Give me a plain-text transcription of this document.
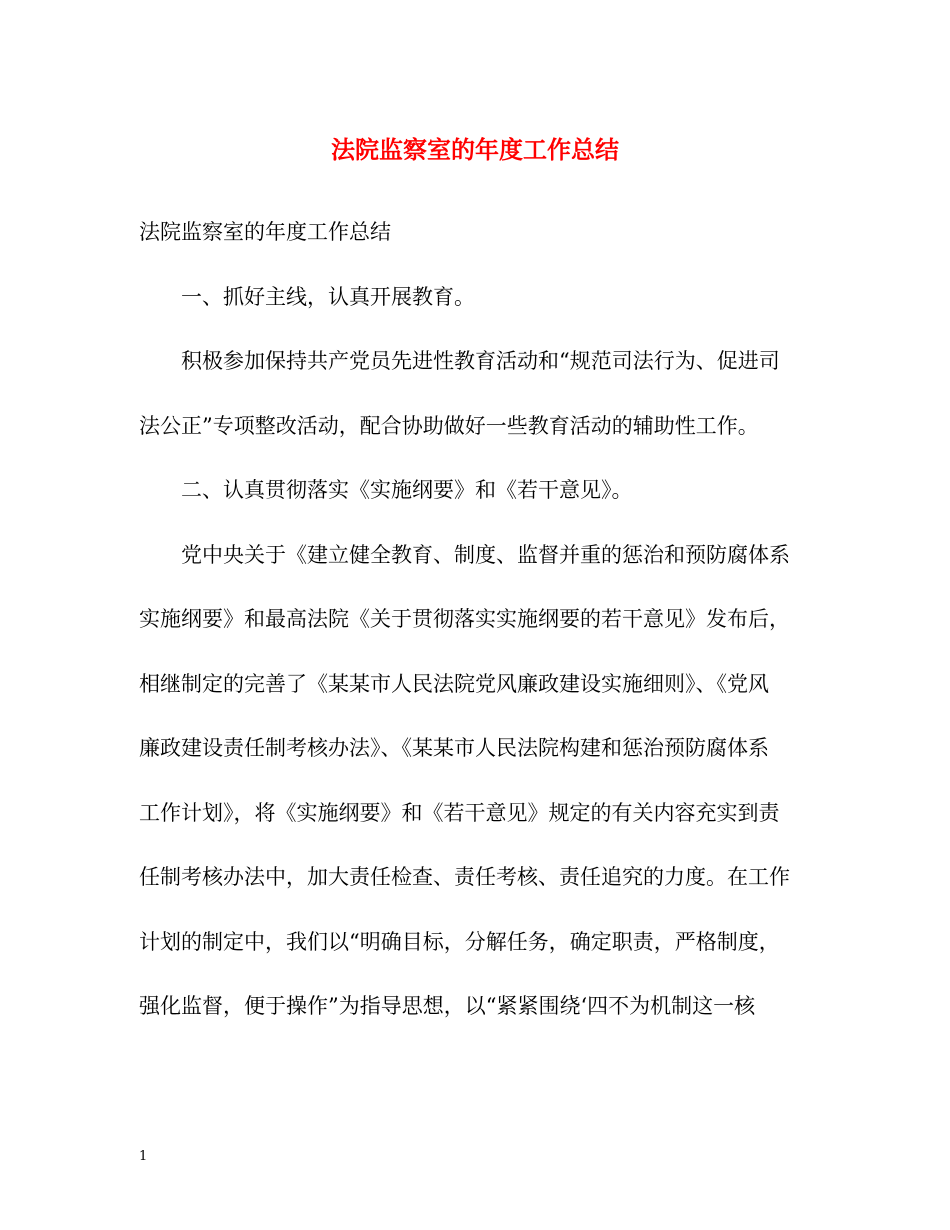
法院监察室的年度工作总结

法院监察室的年度工作总结

一、抓好主线，认真开展教育。

积极参加保持共产党员先进性教育活动和“规范司法行为、促进司

法公正”专项整改活动，配合协助做好一些教育活动的辅助性工作。

二、认真贯彻落实《实施纲要》和《若干意见》。

党中央关于《建立健全教育、制度、监督并重的惩治和预防腐体系

实施纲要》和最高法院《关于贯彻落实实施纲要的若干意见》发布后，

相继制定的完善了《某某市人民法院党风廉政建设实施细则》、《党风

廉政建设责任制考核办法》、《某某市人民法院构建和惩治预防腐体系

工作计划》，将《实施纲要》和《若干意见》规定的有关内容充实到责

任制考核办法中，加大责任检查、责任考核、责任追究的力度。在工作

计划的制定中，我们以“明确目标，分解任务，确定职责，严格制度，

强化监督，便于操作”为指导思想，以“紧紧围绕‘四不为机制这一核

1
